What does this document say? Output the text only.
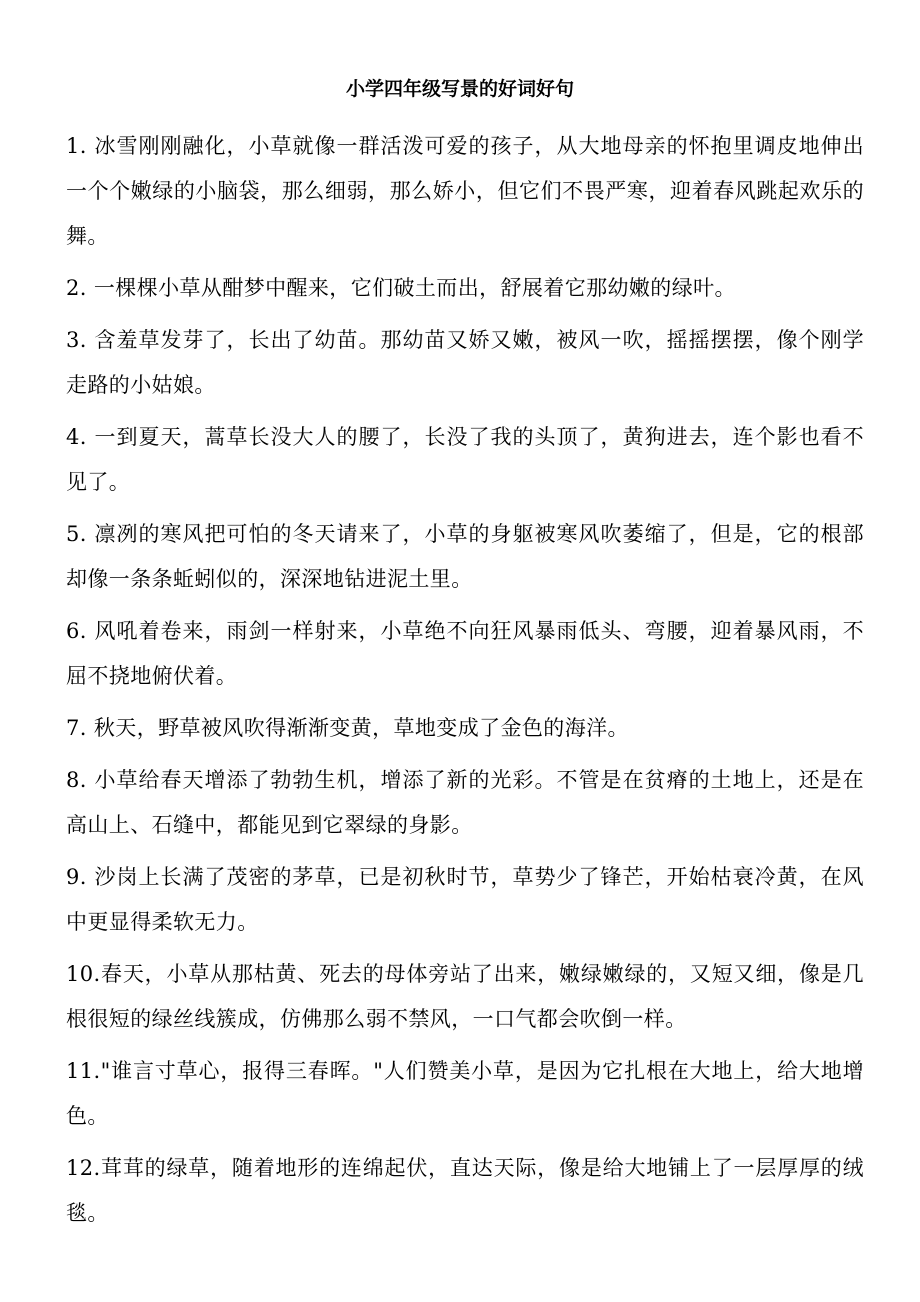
小学四年级写景的好词好句
1. 冰雪刚刚融化，小草就像一群活泼可爱的孩子，从大地母亲的怀抱里调皮地伸出一个个嫩绿的小脑袋，那么细弱，那么娇小，但它们不畏严寒，迎着春风跳起欢乐的舞。
2. 一棵棵小草从酣梦中醒来，它们破土而出，舒展着它那幼嫩的绿叶。
3. 含羞草发芽了，长出了幼苗。那幼苗又娇又嫩，被风一吹，摇摇摆摆，像个刚学走路的小姑娘。
4. 一到夏天，蒿草长没大人的腰了，长没了我的头顶了，黄狗进去，连个影也看不见了。
5. 凛冽的寒风把可怕的冬天请来了，小草的身躯被寒风吹萎缩了，但是，它的根部却像一条条蚯蚓似的，深深地钻进泥土里。
6. 风吼着卷来，雨剑一样射来，小草绝不向狂风暴雨低头、弯腰，迎着暴风雨，不屈不挠地俯伏着。
7. 秋天，野草被风吹得渐渐变黄，草地变成了金色的海洋。
8. 小草给春天增添了勃勃生机，增添了新的光彩。不管是在贫瘠的土地上，还是在高山上、石缝中，都能见到它翠绿的身影。
9. 沙岗上长满了茂密的茅草，已是初秋时节，草势少了锋芒，开始枯衰冷黄，在风中更显得柔软无力。
10.春天，小草从那枯黄、死去的母体旁站了出来，嫩绿嫩绿的，又短又细，像是几根很短的绿丝线簇成，仿佛那么弱不禁风，一口气都会吹倒一样。
11."谁言寸草心，报得三春晖。"人们赞美小草，是因为它扎根在大地上，给大地增色。
12.茸茸的绿草，随着地形的连绵起伏，直达天际，像是给大地铺上了一层厚厚的绒毯。
